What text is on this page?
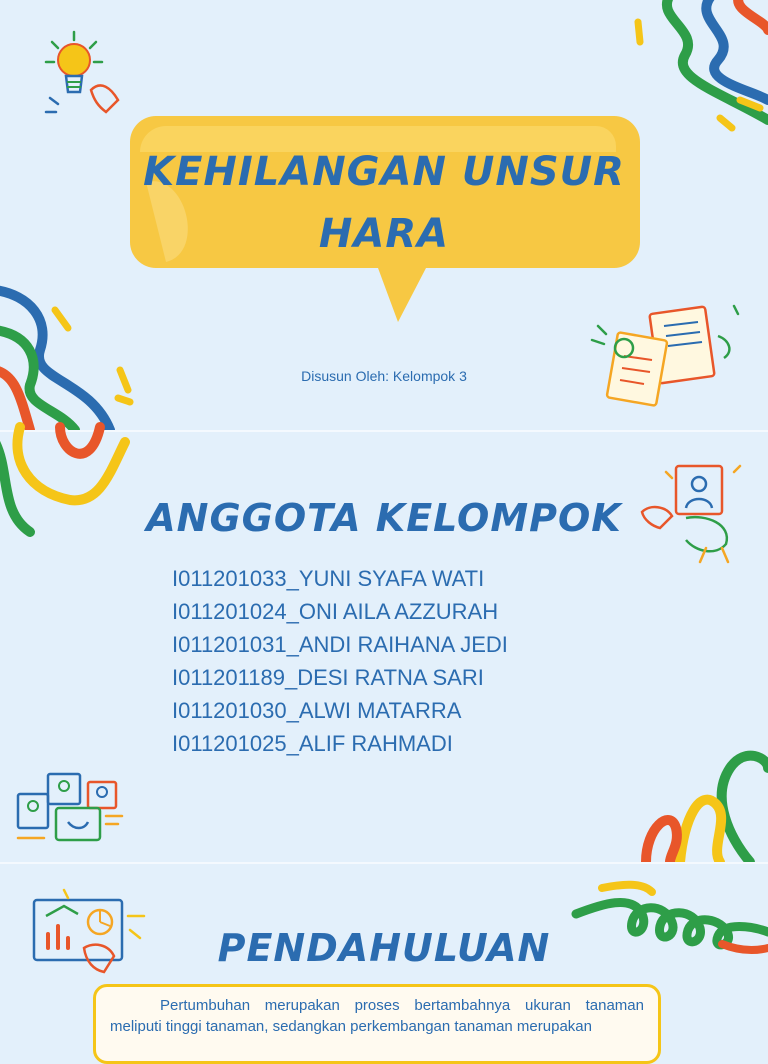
KEHILANGAN UNSUR HARA
Disusun Oleh: Kelompok 3
ANGGOTA KELOMPOK
I011201033_YUNI SYAFA WATI
I011201024_ONI AILA AZZURAH
I011201031_ANDI RAIHANA JEDI
I011201189_DESI RATNA SARI
I011201030_ALWI MATARRA
I011201025_ALIF RAHMADI
PENDAHULUAN

Pertumbuhan merupakan proses bertambahnya ukuran tanaman meliputi tinggi tanaman, sedangkan perkembangan tanaman merupakan
